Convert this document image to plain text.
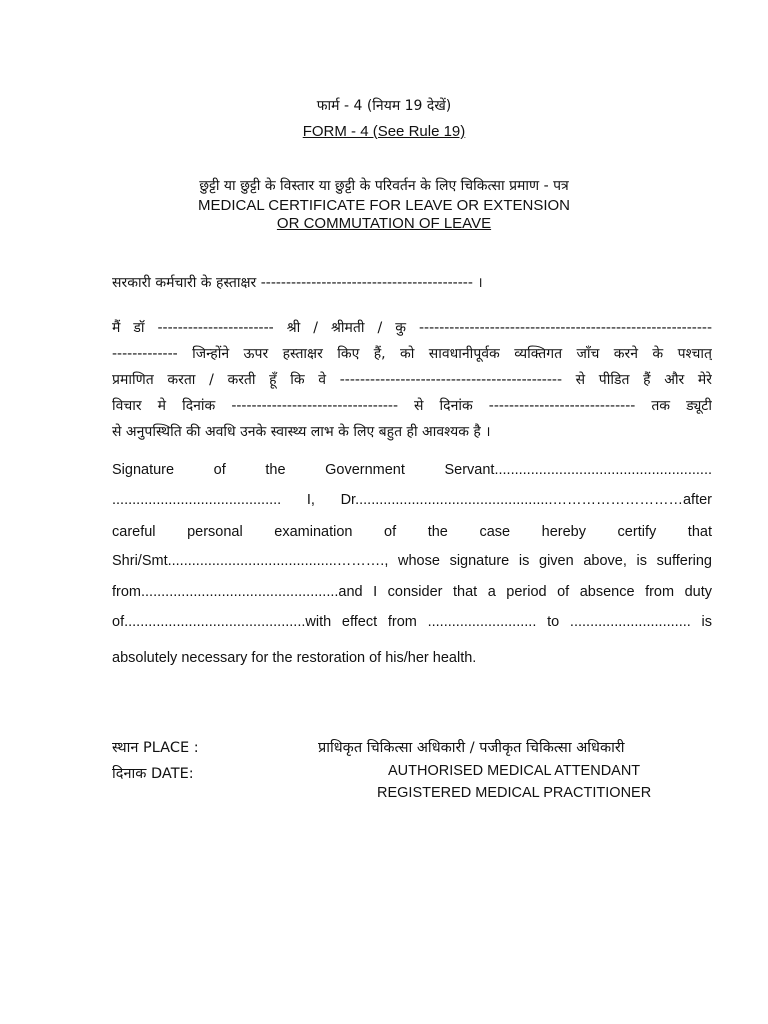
फार्म - 4 (नियम 19 देखें)
FORM - 4 (See Rule 19)
छुट्टी या छुट्टी के विस्तार या छुट्टी के परिवर्तन के लिए चिकित्सा प्रमाण - पत्र
MEDICAL CERTIFICATE FOR LEAVE OR EXTENSION
OR COMMUTATION OF LEAVE
सरकारी कर्मचारी के हस्ताक्षर ------------------------------------------ ।
मैं डॉ ----------------------- श्री / श्रीमती / कु ----------------------------------------------------------
------------- जिन्होंने ऊपर हस्ताक्षर किए हैं, को सावधानीपूर्वक व्यक्तिगत जाँच करने के पश्चात्
प्रमाणित करता / करती हूँ कि वे -------------------------------------------- से पीडित हैं और मेरे
विचार मे दिनांक --------------------------------- से दिनांक ----------------------------- तक ड्यूटी
से अनुपस्थिति की अवधि उनके स्वास्थ्य लाभ के लिए बहुत ही आवश्यक है ।
Signature of the Government Servant......................................................
.......................................... I, Dr.................................................………………………after
careful personal examination of the case hereby certify that
Shri/Smt..........................................………., whose signature is given above, is suffering
from.................................................and I consider that a period of absence from duty
of.............................................with effect from ........................... to .............................. is
absolutely necessary for the restoration of his/her health.
स्थान PLACE :
दिनाक DATE:
प्राधिकृत चिकित्सा अधिकारी / पजीकृत चिकित्सा अधिकारी
AUTHORISED MEDICAL ATTENDANT
REGISTERED MEDICAL PRACTITIONER
